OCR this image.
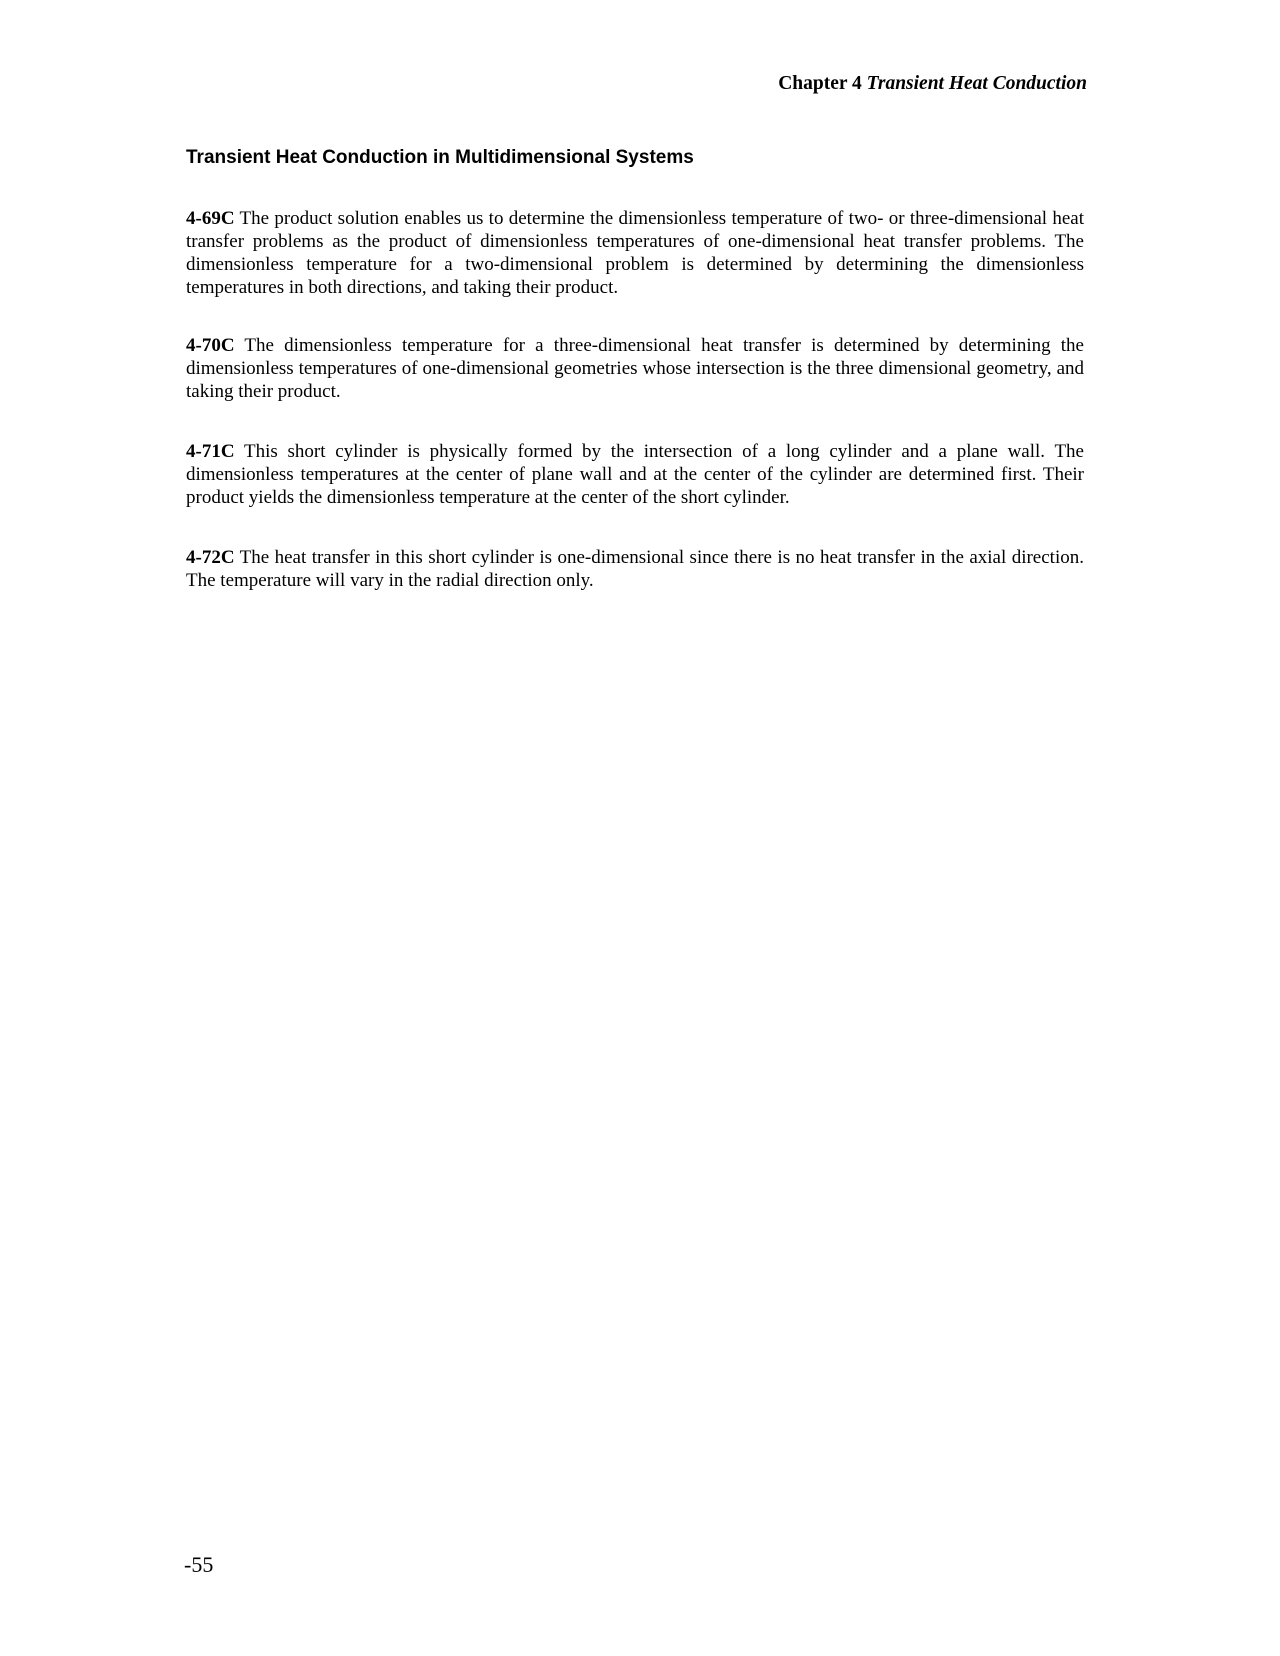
Chapter 4 Transient Heat Conduction
Transient Heat Conduction in Multidimensional Systems
4-69C The product solution enables us to determine the dimensionless temperature of two- or three-dimensional heat transfer problems as the product of dimensionless temperatures of one-dimensional heat transfer problems. The dimensionless temperature for a two-dimensional problem is determined by determining the dimensionless temperatures in both directions, and taking their product.
4-70C The dimensionless temperature for a three-dimensional heat transfer is determined by determining the dimensionless temperatures of one-dimensional geometries whose intersection is the three dimensional geometry, and taking their product.
4-71C This short cylinder is physically formed by the intersection of a long cylinder and a plane wall. The dimensionless temperatures at the center of plane wall and at the center of the cylinder are determined first. Their product yields the dimensionless temperature at the center of the short cylinder.
4-72C The heat transfer in this short cylinder is one-dimensional since there is no heat transfer in the axial direction. The temperature will vary in the radial direction only.
-55
